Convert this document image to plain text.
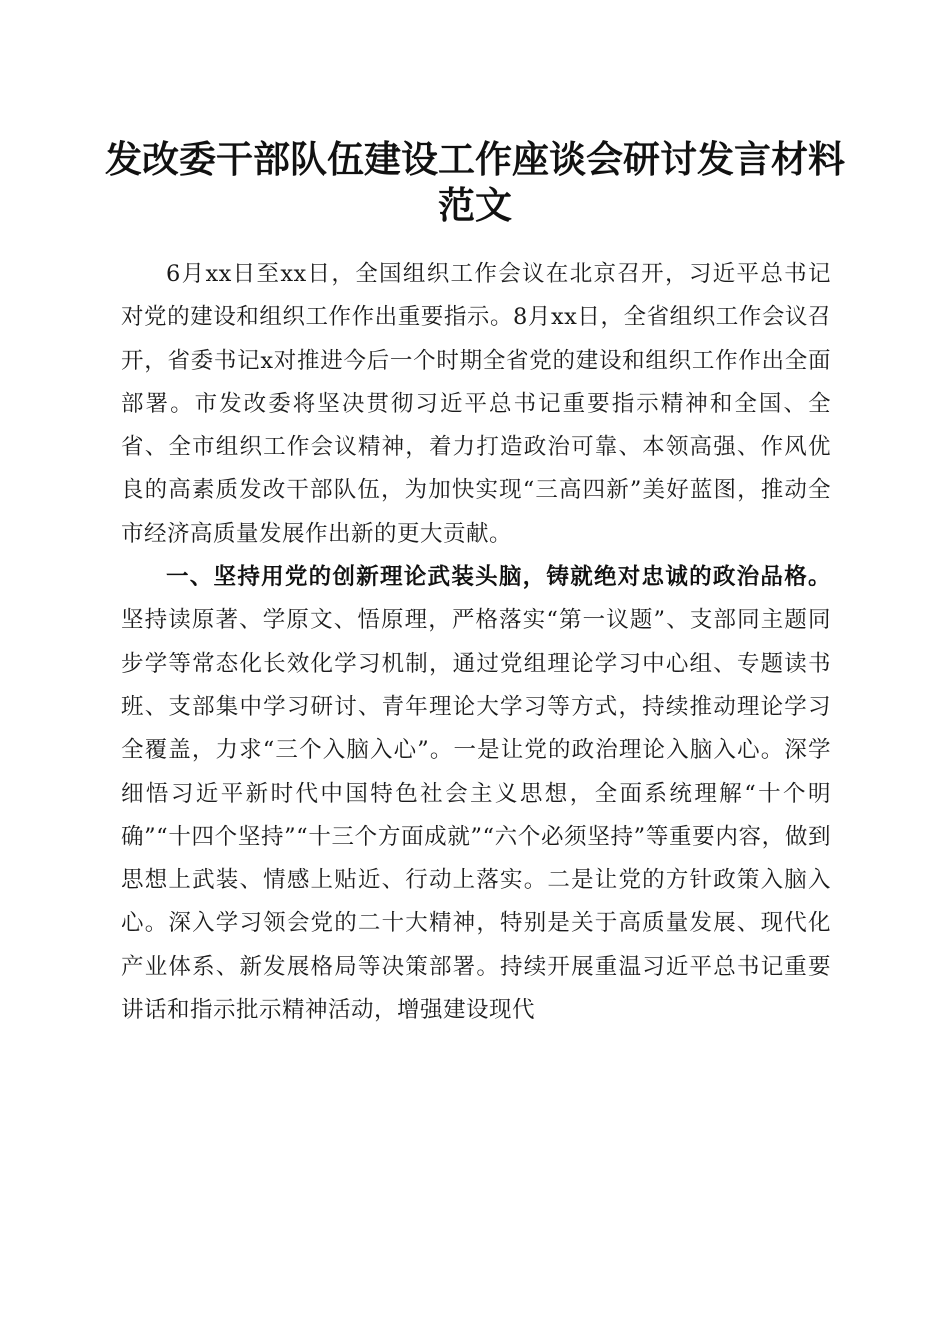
发改委干部队伍建设工作座谈会研讨发言材料
范文

6月xx日至xx日，全国组织工作会议在北京召开，习近平总书记对党的建设和组织工作作出重要指示。8月xx日，全省组织工作会议召开，省委书记x对推进今后一个时期全省党的建设和组织工作作出全面部署。市发改委将坚决贯彻习近平总书记重要指示精神和全国、全省、全市组织工作会议精神，着力打造政治可靠、本领高强、作风优良的高素质发改干部队伍，为加快实现“三高四新”美好蓝图，推动全市经济高质量发展作出新的更大贡献。

一、坚持用党的创新理论武装头脑，铸就绝对忠诚的政治品格。坚持读原著、学原文、悟原理，严格落实“第一议题”、支部同主题同步学等常态化长效化学习机制，通过党组理论学习中心组、专题读书班、支部集中学习研讨、青年理论大学习等方式，持续推动理论学习全覆盖，力求“三个入脑入心”。一是让党的政治理论入脑入心。深学细悟习近平新时代中国特色社会主义思想，全面系统理解“十个明确”“十四个坚持”“十三个方面成就”“六个必须坚持”等重要内容，做到思想上武装、情感上贴近、行动上落实。二是让党的方针政策入脑入心。深入学习领会党的二十大精神，特别是关于高质量发展、现代化产业体系、新发展格局等决策部署。持续开展重温习近平总书记重要讲话和指示批示精神活动，增强建设现代
